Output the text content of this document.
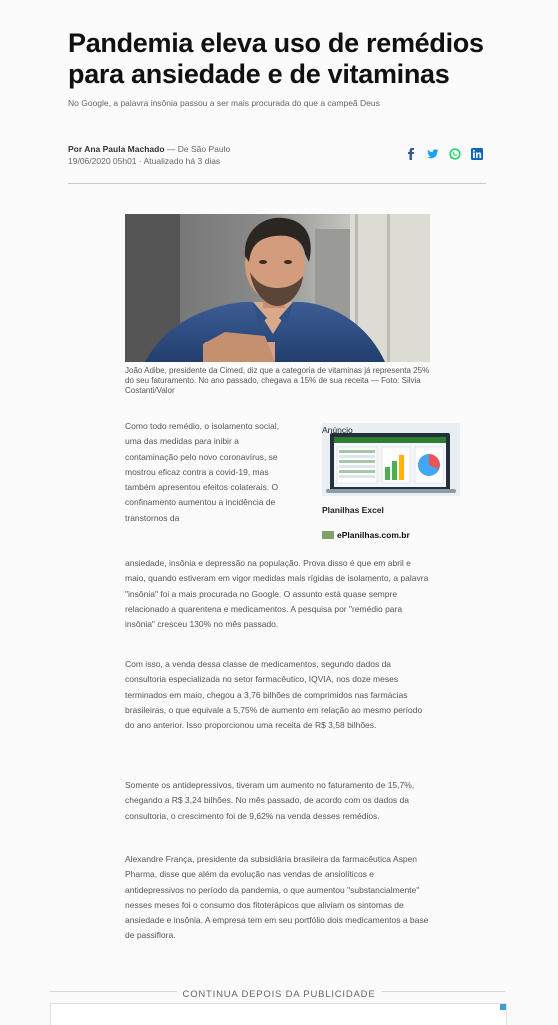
Pandemia eleva uso de remédios para ansiedade e de vitaminas

No Google, a palavra insônia passou a ser mais procurada do que a campeã Deus

Por Ana Paula Machado — De São Paulo
19/06/2020 05h01 · Atualizado há 3 dias
João Adibe, presidente da Cimed, diz que a categoria de vitaminas já representa 25% do seu faturamento. No ano passado, chegava a 15% de sua receita — Foto: Silvia Costanti/Valor
Como todo remédio, o isolamento social, uma das medidas para inibir a contaminação pelo novo coronavírus, se mostrou eficaz contra a covid-19, mas também apresentou efeitos colaterais. O confinamento aumentou a incidência de transtornos da
Anúncio
Planilhas Excel
ePlanilhas.com.br
ansiedade, insônia e depressão na população. Prova disso é que em abril e maio, quando estiveram em vigor medidas mais rígidas de isolamento, a palavra "insônia" foi a mais procurada no Google. O assunto está quase sempre relacionado a quarentena e medicamentos. A pesquisa por "remédio para insônia" cresceu 130% no mês passado.
Com isso, a venda dessa classe de medicamentos, segundo dados da consultoria especializada no setor farmacêutico, IQVIA, nos doze meses terminados em maio, chegou a 3,76 bilhões de comprimidos nas farmácias brasileiras, o que equivale a 5,75% de aumento em relação ao mesmo período do ano anterior. Isso proporcionou uma receita de R$ 3,58 bilhões.
Somente os antidepressivos, tiveram um aumento no faturamento de 15,7%, chegando a R$ 3,24 bilhões. No mês passado, de acordo com os dados da consultoria, o crescimento foi de 9,62% na venda desses remédios.
Alexandre França, presidente da subsidiária brasileira da farmacêutica Aspen Pharma, disse que além da evolução nas vendas de ansiolíticos e antidepressivos no período da pandemia, o que aumentou "substancialmente" nesses meses foi o consumo dos fitoterápicos que aliviam os sintomas de ansiedade e insônia. A empresa tem em seu portfólio dois medicamentos a base de passiflora.
CONTINUA DEPOIS DA PUBLICIDADE
